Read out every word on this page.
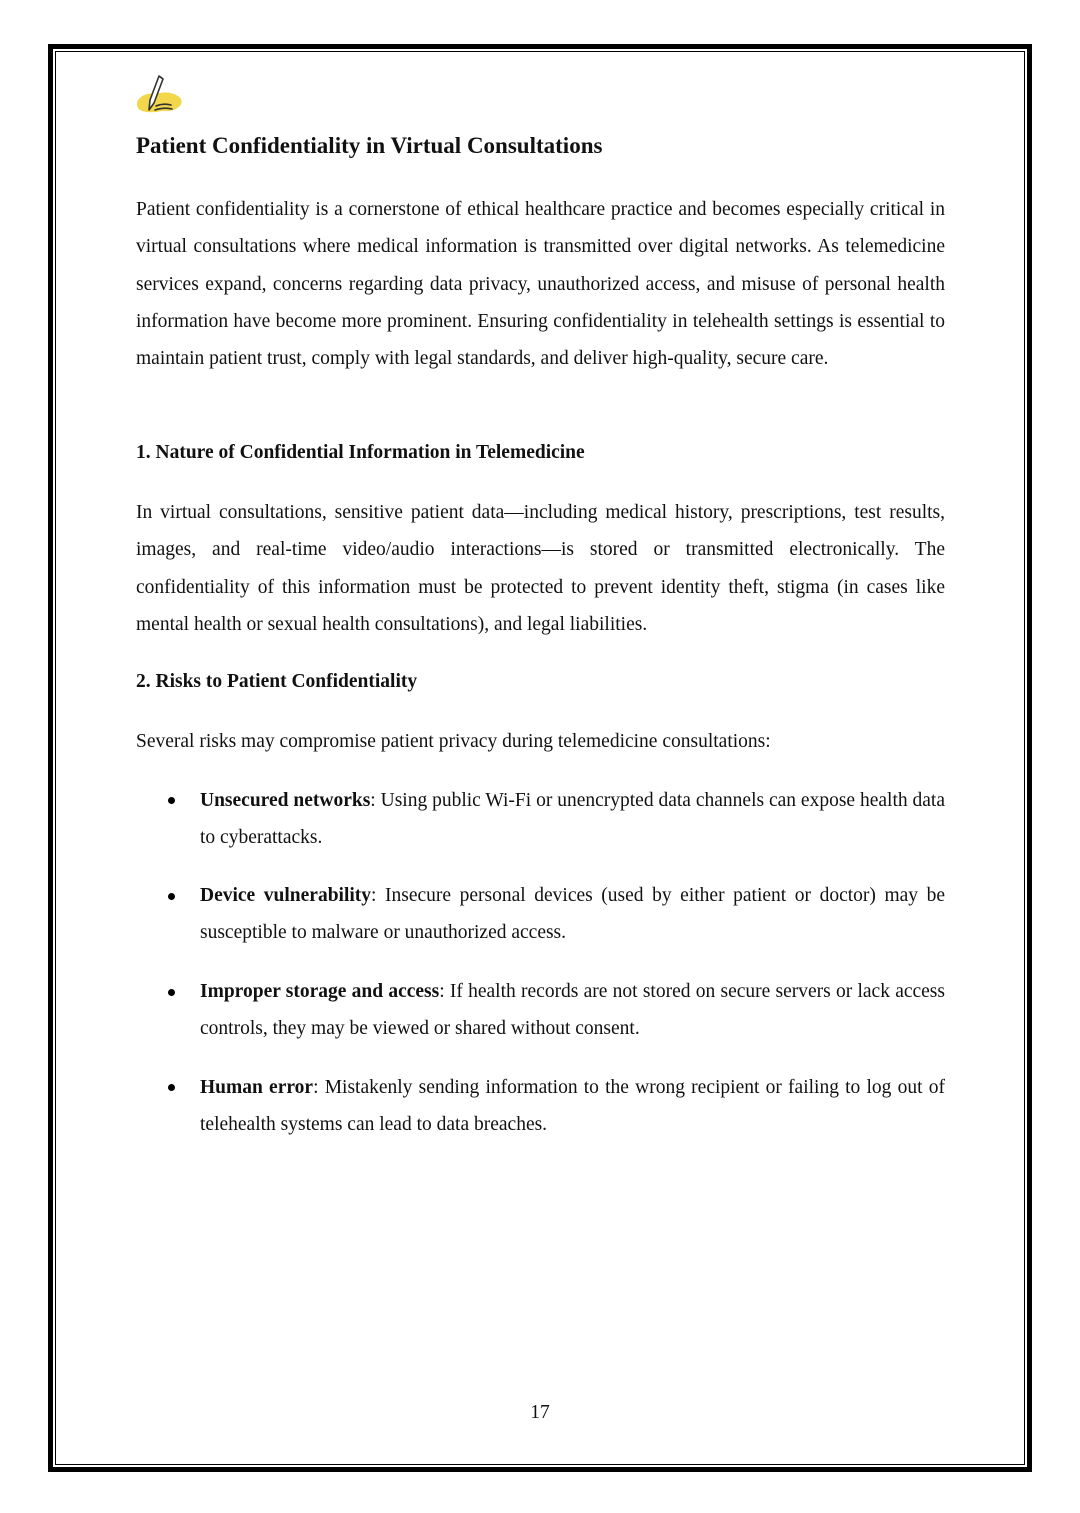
Patient Confidentiality in Virtual Consultations

Patient confidentiality is a cornerstone of ethical healthcare practice and becomes especially critical in virtual consultations where medical information is transmitted over digital networks. As telemedicine services expand, concerns regarding data privacy, unauthorized access, and misuse of personal health information have become more prominent. Ensuring confidentiality in telehealth settings is essential to maintain patient trust, comply with legal standards, and deliver high-quality, secure care.

1. Nature of Confidential Information in Telemedicine

In virtual consultations, sensitive patient data—including medical history, prescriptions, test results, images, and real-time video/audio interactions—is stored or transmitted electronically. The confidentiality of this information must be protected to prevent identity theft, stigma (in cases like mental health or sexual health consultations), and legal liabilities.

2. Risks to Patient Confidentiality

Several risks may compromise patient privacy during telemedicine consultations:

Unsecured networks: Using public Wi-Fi or unencrypted data channels can expose health data to cyberattacks.

Device vulnerability: Insecure personal devices (used by either patient or doctor) may be susceptible to malware or unauthorized access.

Improper storage and access: If health records are not stored on secure servers or lack access controls, they may be viewed or shared without consent.

Human error: Mistakenly sending information to the wrong recipient or failing to log out of telehealth systems can lead to data breaches.

17
